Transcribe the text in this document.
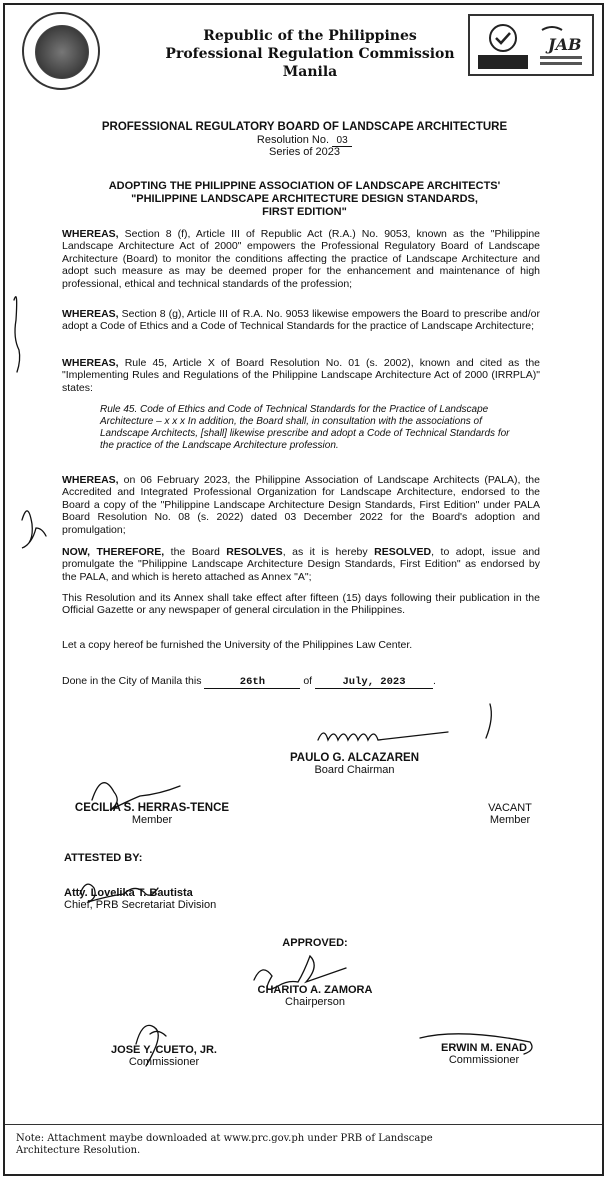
Republic of the Philippines
Professional Regulation Commission
Manila
JAB
PROFESSIONAL REGULATORY BOARD OF LANDSCAPE ARCHITECTURE
Resolution No. 03
Series of 2023
ADOPTING THE PHILIPPINE ASSOCIATION OF LANDSCAPE ARCHITECTS'
"PHILIPPINE LANDSCAPE ARCHITECTURE DESIGN STANDARDS,
FIRST EDITION"
WHEREAS, Section 8 (f), Article III of Republic Act (R.A.) No. 9053, known as the "Philippine Landscape Architecture Act of 2000" empowers the Professional Regulatory Board of Landscape Architecture (Board) to monitor the conditions affecting the practice of Landscape Architecture and adopt such measure as may be deemed proper for the enhancement and maintenance of high professional, ethical and technical standards of the profession;
WHEREAS, Section 8 (g), Article III of R.A. No. 9053 likewise empowers the Board to prescribe and/or adopt a Code of Ethics and a Code of Technical Standards for the practice of Landscape Architecture;
WHEREAS, Rule 45, Article X of Board Resolution No. 01 (s. 2002), known and cited as the "Implementing Rules and Regulations of the Philippine Landscape Architecture Act of 2000 (IRRPLA)" states:
Rule 45. Code of Ethics and Code of Technical Standards for the Practice of Landscape Architecture – x x x In addition, the Board shall, in consultation with the associations of Landscape Architects, [shall] likewise prescribe and adopt a Code of Technical Standards for the practice of the Landscape Architecture profession.
WHEREAS, on 06 February 2023, the Philippine Association of Landscape Architects (PALA), the Accredited and Integrated Professional Organization for Landscape Architecture, endorsed to the Board a copy of the "Philippine Landscape Architecture Design Standards, First Edition" under PALA Board Resolution No. 08 (s. 2022) dated 03 December 2022 for the Board's adoption and promulgation;
NOW, THEREFORE, the Board RESOLVES, as it is hereby RESOLVED, to adopt, issue and promulgate the "Philippine Landscape Architecture Design Standards, First Edition" as endorsed by the PALA, and which is hereto attached as Annex "A";
This Resolution and its Annex shall take effect after fifteen (15) days following their publication in the Official Gazette or any newspaper of general circulation in the Philippines.
Let a copy hereof be furnished the University of the Philippines Law Center.
Done in the City of Manila this	26th	of	July, 2023	.
PAULO G. ALCAZAREN
Board Chairman
CECILIA S. HERRAS-TENCE
Member
VACANT
Member
ATTESTED BY:
Atty. Lovelika T. Bautista
Chief, PRB Secretariat Division
APPROVED:
CHARITO A. ZAMORA
Chairperson
JOSE Y. CUETO, JR.
Commissioner
ERWIN M. ENAD
Commissioner
Note: Attachment maybe downloaded at www.prc.gov.ph under PRB of Landscape Architecture Resolution.
